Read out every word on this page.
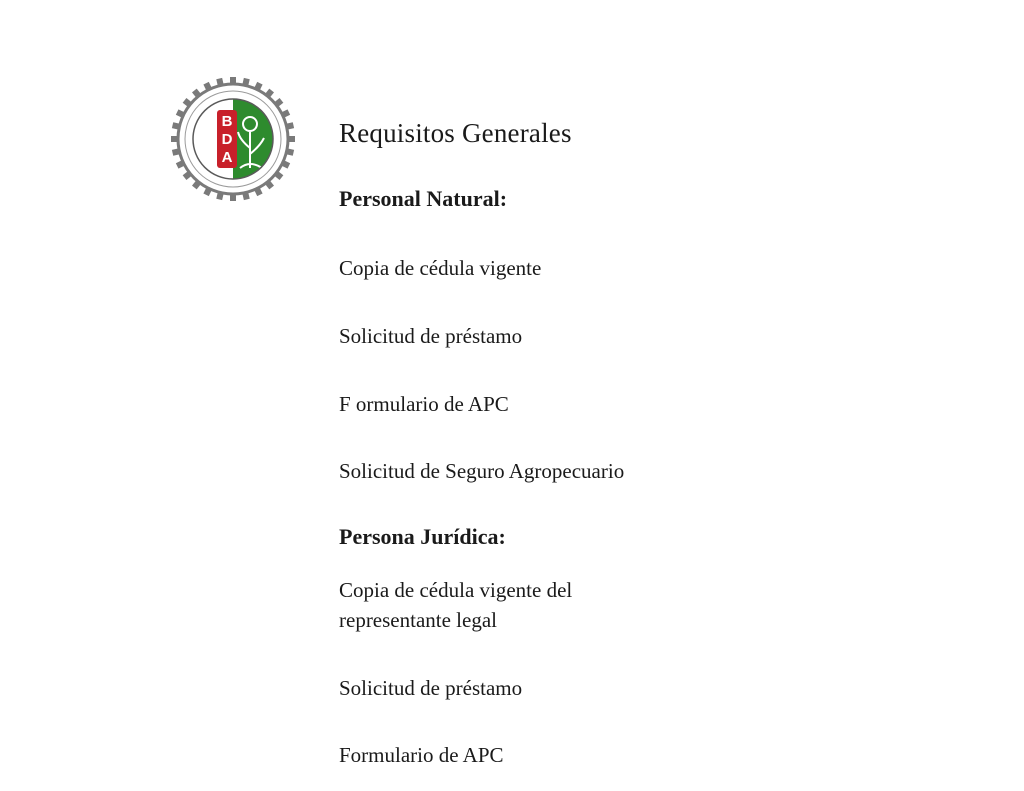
B
D
A
Requisitos Generales
Personal Natural:

Copia de cédula vigente

Solicitud de préstamo

F ormulario de APC

Solicitud de Seguro Agropecuario

Persona Jurídica:

Copia de cédula vigente del representante legal

Solicitud de préstamo

Formulario de APC
